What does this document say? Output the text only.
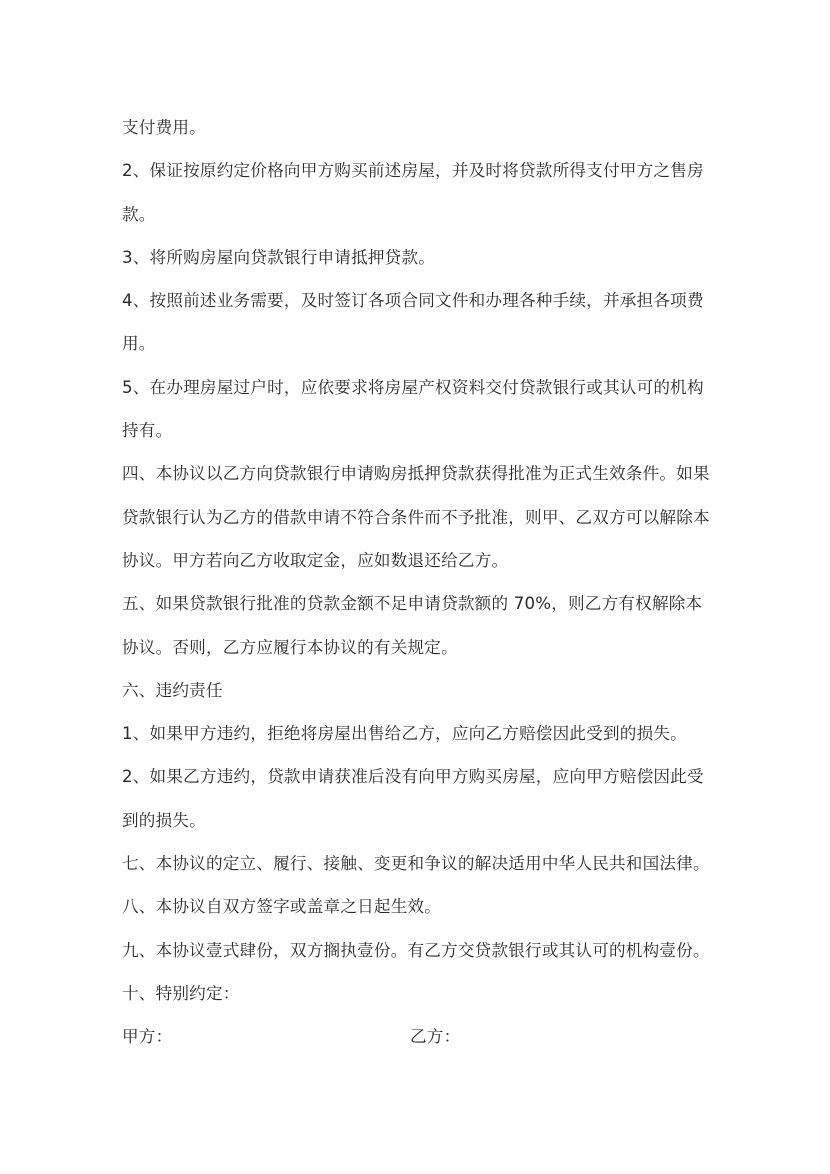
支付费用。
2、保证按原约定价格向甲方购买前述房屋，并及时将贷款所得支付甲方之售房
款。
3、将所购房屋向贷款银行申请抵押贷款。
4、按照前述业务需要，及时签订各项合同文件和办理各种手续，并承担各项费
用。
5、在办理房屋过户时，应依要求将房屋产权资料交付贷款银行或其认可的机构
持有。
四、本协议以乙方向贷款银行申请购房抵押贷款获得批准为正式生效条件。如果
贷款银行认为乙方的借款申请不符合条件而不予批准，则甲、乙双方可以解除本
协议。甲方若向乙方收取定金，应如数退还给乙方。
五、如果贷款银行批准的贷款金额不足申请贷款额的 70%，则乙方有权解除本
协议。否则，乙方应履行本协议的有关规定。
六、违约责任
1、如果甲方违约，拒绝将房屋出售给乙方，应向乙方赔偿因此受到的损失。
2、如果乙方违约，贷款申请获准后没有向甲方购买房屋，应向甲方赔偿因此受
到的损失。
七、本协议的定立、履行、接触、变更和争议的解决适用中华人民共和国法律。
八、本协议自双方签字或盖章之日起生效。
九、本协议壹式肆份，双方搁执壹份。有乙方交贷款银行或其认可的机构壹份。
十、特别约定：
甲方：	乙方：
